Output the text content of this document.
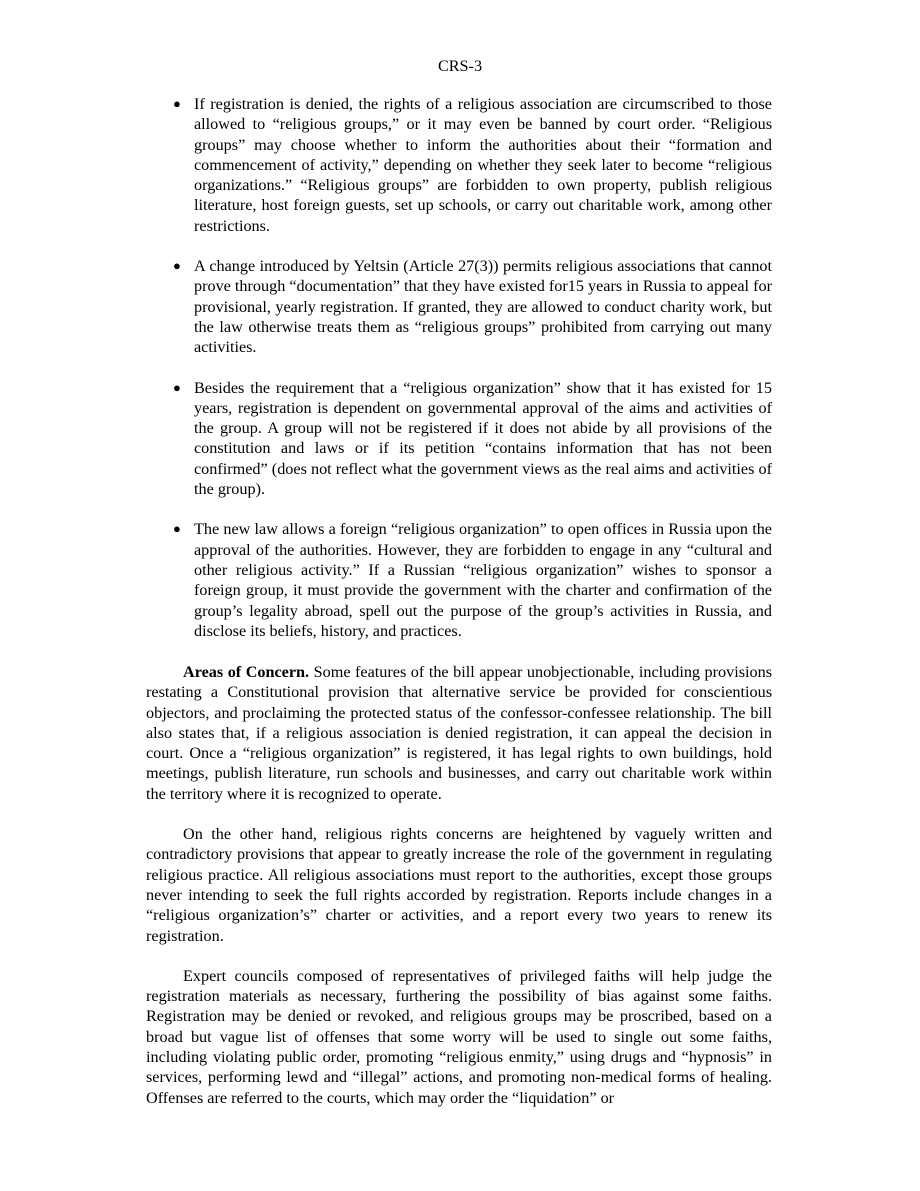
CRS-3
● If registration is denied, the rights of a religious association are circumscribed to those allowed to “religious groups,” or it may even be banned by court order. “Religious groups” may choose whether to inform the authorities about their “formation and commencement of activity,” depending on whether they seek later to become “religious organizations.” “Religious groups” are forbidden to own property, publish religious literature, host foreign guests, set up schools, or carry out charitable work, among other restrictions.
● A change introduced by Yeltsin (Article 27(3)) permits religious associations that cannot prove through “documentation” that they have existed for15 years in Russia to appeal for provisional, yearly registration. If granted, they are allowed to conduct charity work, but the law otherwise treats them as “religious groups” prohibited from carrying out many activities.
● Besides the requirement that a “religious organization” show that it has existed for 15 years, registration is dependent on governmental approval of the aims and activities of the group. A group will not be registered if it does not abide by all provisions of the constitution and laws or if its petition “contains information that has not been confirmed” (does not reflect what the government views as the real aims and activities of the group).
● The new law allows a foreign “religious organization” to open offices in Russia upon the approval of the authorities. However, they are forbidden to engage in any “cultural and other religious activity.” If a Russian “religious organization” wishes to sponsor a foreign group, it must provide the government with the charter and confirmation of the group’s legality abroad, spell out the purpose of the group’s activities in Russia, and disclose its beliefs, history, and practices.

Areas of Concern. Some features of the bill appear unobjectionable, including provisions restating a Constitutional provision that alternative service be provided for conscientious objectors, and proclaiming the protected status of the confessor-confessee relationship. The bill also states that, if a religious association is denied registration, it can appeal the decision in court. Once a “religious organization” is registered, it has legal rights to own buildings, hold meetings, publish literature, run schools and businesses, and carry out charitable work within the territory where it is recognized to operate.

On the other hand, religious rights concerns are heightened by vaguely written and contradictory provisions that appear to greatly increase the role of the government in regulating religious practice. All religious associations must report to the authorities, except those groups never intending to seek the full rights accorded by registration. Reports include changes in a “religious organization’s” charter or activities, and a report every two years to renew its registration.

Expert councils composed of representatives of privileged faiths will help judge the registration materials as necessary, furthering the possibility of bias against some faiths. Registration may be denied or revoked, and religious groups may be proscribed, based on a broad but vague list of offenses that some worry will be used to single out some faiths, including violating public order, promoting “religious enmity,” using drugs and “hypnosis” in services, performing lewd and “illegal” actions, and promoting non-medical forms of healing. Offenses are referred to the courts, which may order the “liquidation” or
